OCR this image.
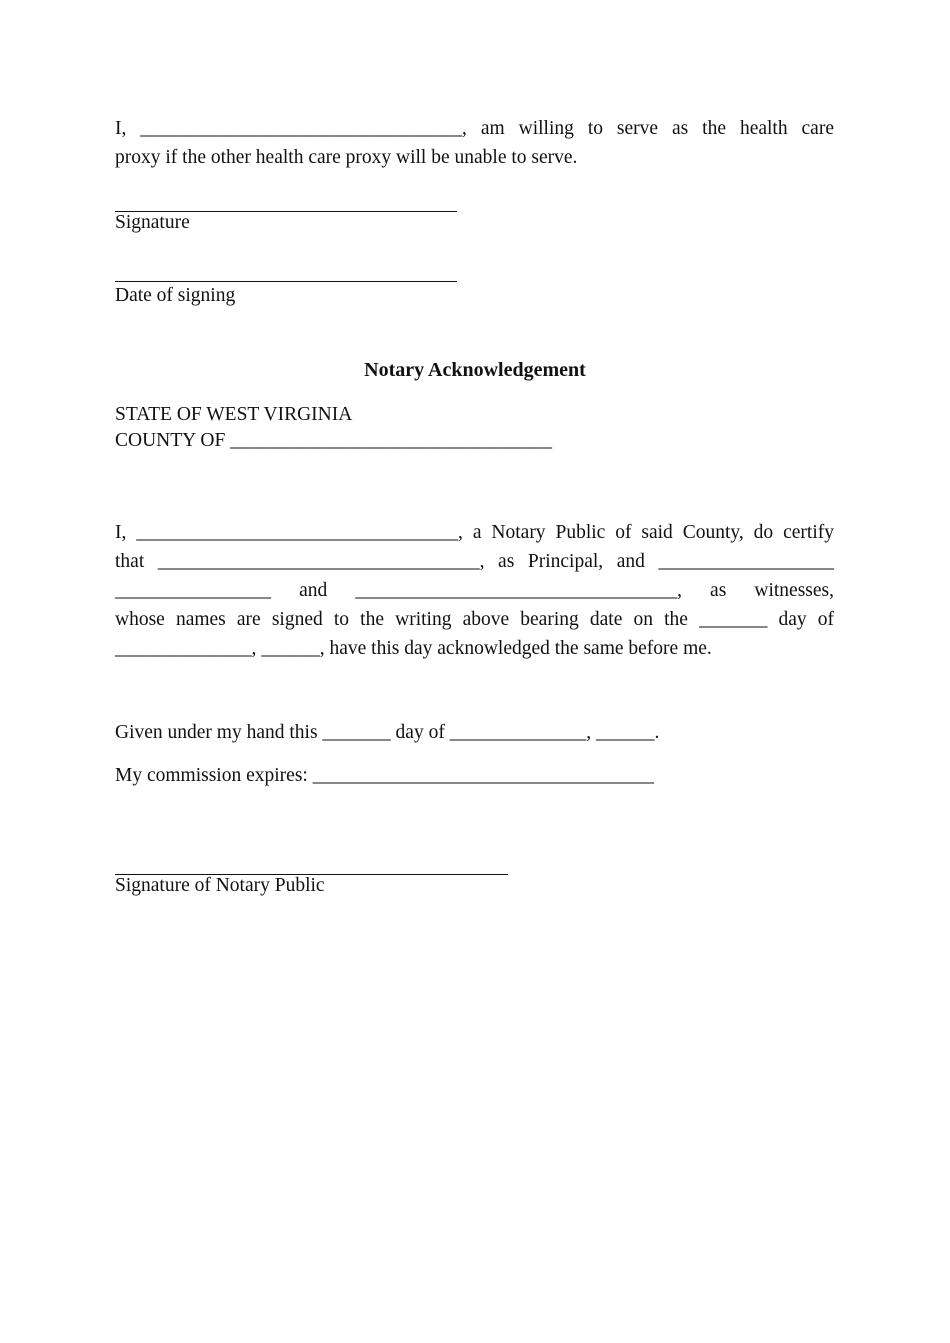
I, _________________________________, am willing to serve as the health care
proxy if the other health care proxy will be unable to serve.
Signature
Date of signing
Notary Acknowledgement
STATE OF WEST VIRGINIA
COUNTY OF _________________________________
I, _________________________________, a Notary Public of said County, do certify
that _________________________________, as Principal, and __________________
________________ and _________________________________, as witnesses,
whose names are signed to the writing above bearing date on the _______ day of
______________, ______, have this day acknowledged the same before me.
Given under my hand this _______ day of ______________, ______.
My commission expires: ___________________________________
Signature of Notary Public
